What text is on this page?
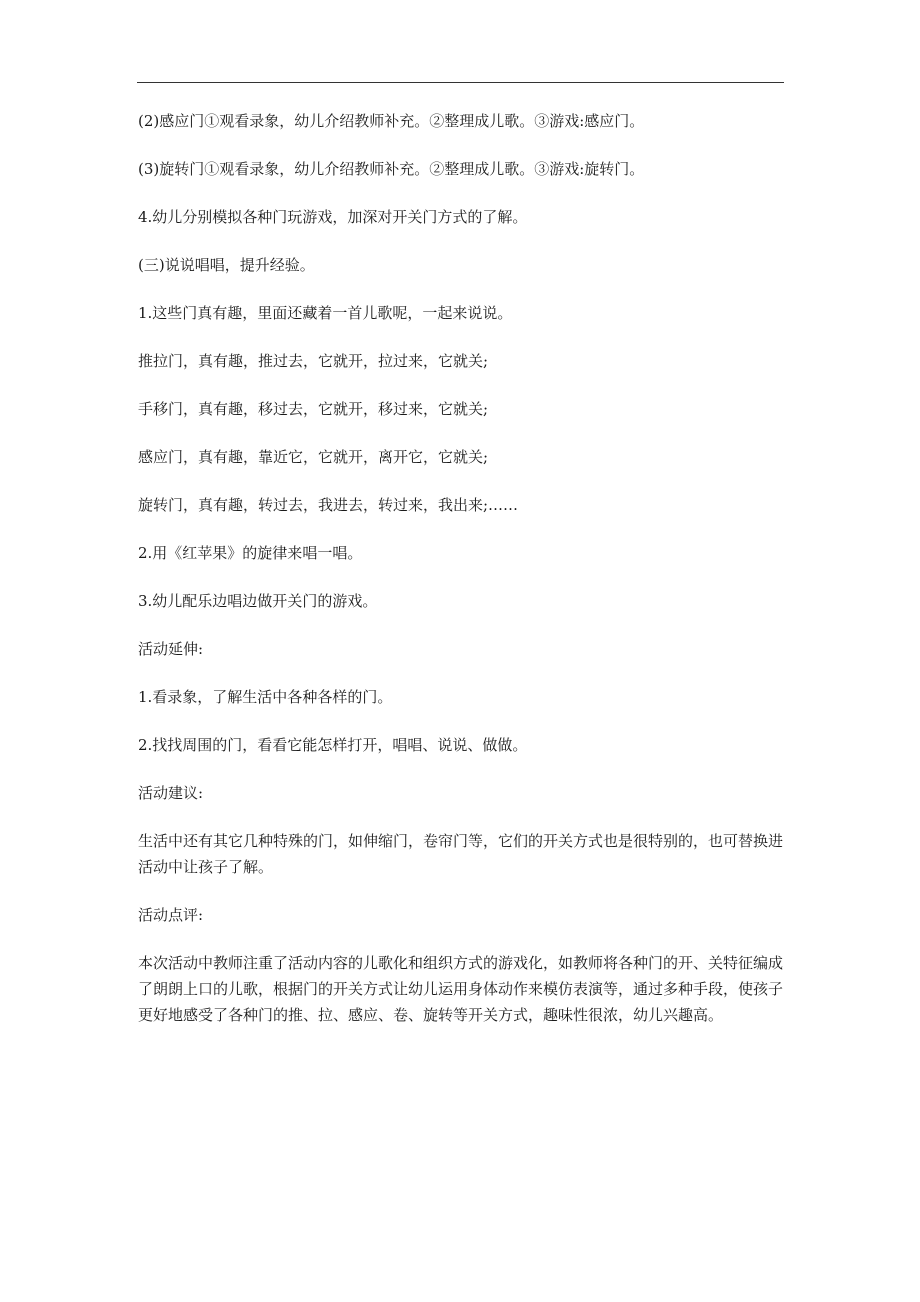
(2)感应门①观看录象，幼儿介绍教师补充。②整理成儿歌。③游戏:感应门。

(3)旋转门①观看录象，幼儿介绍教师补充。②整理成儿歌。③游戏:旋转门。

4.幼儿分别模拟各种门玩游戏，加深对开关门方式的了解。

(三)说说唱唱，提升经验。

1.这些门真有趣，里面还藏着一首儿歌呢，一起来说说。

推拉门，真有趣，推过去，它就开，拉过来，它就关;

手移门，真有趣，移过去，它就开，移过来，它就关;

感应门，真有趣，靠近它，它就开，离开它，它就关;

旋转门，真有趣，转过去，我进去，转过来，我出来;……

2.用《红苹果》的旋律来唱一唱。

3.幼儿配乐边唱边做开关门的游戏。

活动延伸:

1.看录象，了解生活中各种各样的门。

2.找找周围的门，看看它能怎样打开，唱唱、说说、做做。

活动建议:

生活中还有其它几种特殊的门，如伸缩门，卷帘门等，它们的开关方式也是很特别的，也可替换进活动中让孩子了解。

活动点评:

本次活动中教师注重了活动内容的儿歌化和组织方式的游戏化，如教师将各种门的开、关特征编成了朗朗上口的儿歌，根据门的开关方式让幼儿运用身体动作来模仿表演等，通过多种手段，使孩子更好地感受了各种门的推、拉、感应、卷、旋转等开关方式，趣味性很浓，幼儿兴趣高。
